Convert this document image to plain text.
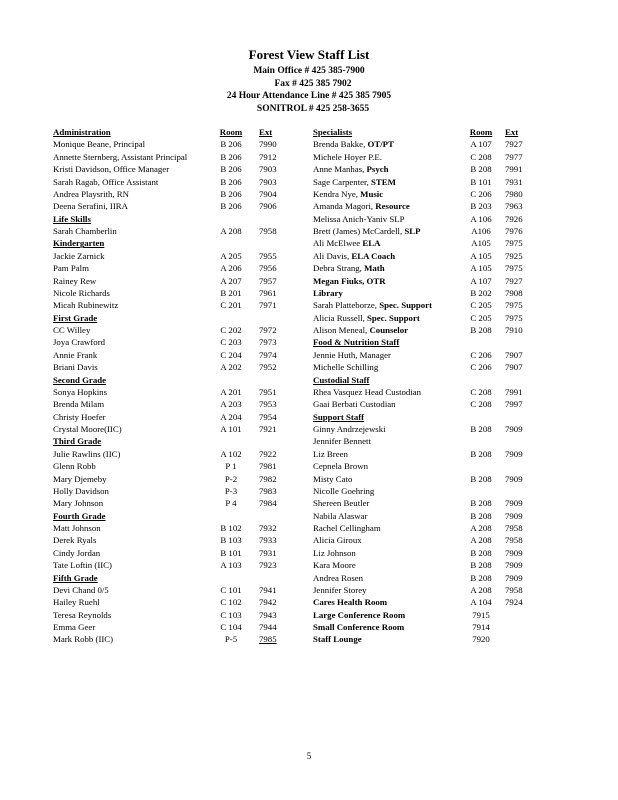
Forest View Staff List

Main Office # 425 385-7900

Fax # 425 385 7902

24 Hour Attendance Line # 425 385 7905

SONITROL # 425 258-3655

Administration	Room	Ext
Monique Beane, Principal	B 206	7990
Annette Sternberg, Assistant Principal	B 206	7912
Kristi Davidson, Office Manager	B 206	7903
Sarah Ragab, Office Assistant	B 206	7903
Andrea Playsrith, RN	B 206	7904
Deena Serafini, IIRA	B 206	7906
Life Skills
Sarah Chamberlin	A 208	7958
Kindergarten
Jackie Zarnick	A 205	7955
Pam Palm	A 206	7956
Rainey Rew	A 207	7957
Nicole Richards	B 201	7961
Micah Rubinewitz	C 201	7971
First Grade
CC Willey	C 202	7972
Joya Crawford	C 203	7973
Annie Frank	C 204	7974
Briani Davis	A 202	7952
Second Grade
Sonya Hopkins	A 201	7951
Brenda Milam	A 203	7953
Christy Hoefer	A 204	7954
Crystal Moore(IIC)	A 101	7921
Third Grade
Julie Rawlins (IIC)	A 102	7922
Glenn Robb	P 1	7981
Mary Djemeby	P-2	7982
Holly Davidson	P-3	7983
Mary Johnson	P 4	7984
Fourth Grade
Matt Johnson	B 102	7932
Derek Ryals	B 103	7933
Cindy Jordan	B 101	7931
Tate Loftin (IIC)	A 103	7923
Fifth Grade
Devi Chand 0/5	C 101	7941
Hailey Ruehl	C 102	7942
Teresa Reynolds	C 103	7943
Emma Geer	C 104	7944
Mark Robb (IIC)	P-5	7985
Specialists	Room	Ext
Brenda Bakke, OT/PT	A 107	7927
Michele Hoyer P.E.	C 208	7977
Anne Manhas, Psych	B 208	7991
Sage Carpenter, STEM	B 101	7931
Kendra Nye, Music	C 206	7980
Amanda Magori, Resource	B 203	7963
Melissa Anich-Yaniv SLP	A 106	7926
Brett (James) McCardell, SLP	A106	7976
Ali McElwee ELA	A105	7975
Ali Davis, ELA Coach	A 105	7925
Debra Strang, Math	A 105	7975
Megan Fiuks, OTR	A 107	7927
Library	B 202	7908
Sarah Platteborze, Spec. Support	C 205	7975
Alicia Russell, Spec. Support	C 205	7975
Alison Meneal, Counselor	B 208	7910
Food & Nutrition Staff
Jennie Huth, Manager	C 206	7907
Michelle Schilling	C 206	7907
Custodial Staff
Rhea Vasquez Head Custodian	C 208	7991
Gaai Berbati Custodian	C 208	7997
Support Staff
Ginny Andrzejewski	B 208	7909
Jennifer Bennett
Liz Breen	B 208	7909
Cepnela Brown
Misty Cato	B 208	7909
Nicolle Goehring
Shereen Beutler	B 208	7909
Nabila Alaswar	B 208	7909
Rachel Cellingham	A 208	7958
Alicia Giroux	A 208	7958
Liz Johnson	B 208	7909
Kara Moore	B 208	7909
Andrea Rosen	B 208	7909
Jennifer Storey	A 208	7958
Cares Health Room	A 104	7924
Large Conference Room	7915
Small Conference Room	7914
Staff Lounge	7920

5
